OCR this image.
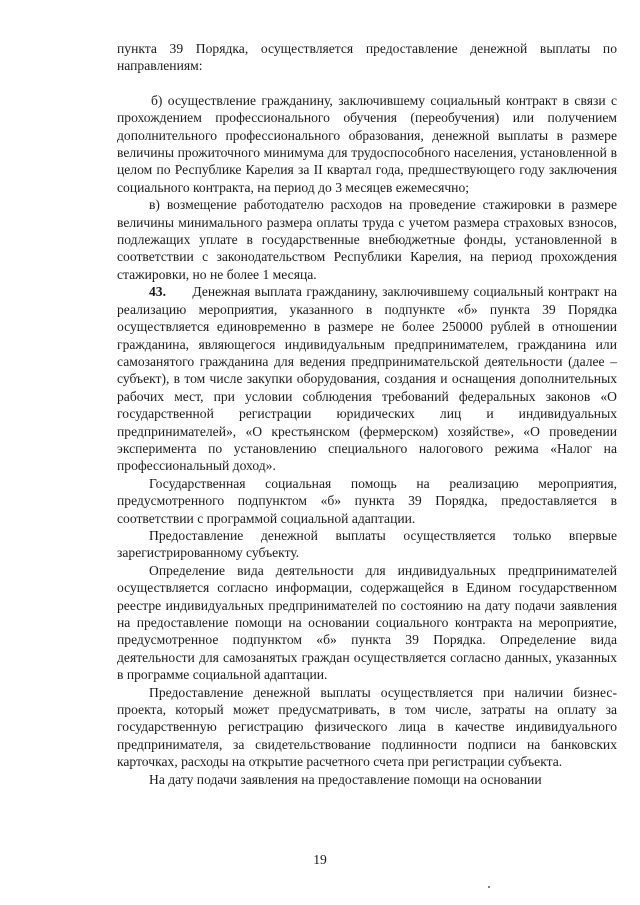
пункта 39 Порядка, осуществляется предоставление денежной выплаты по направлениям:

б) осуществление гражданину, заключившему социальный контракт в связи с прохождением профессионального обучения (переобучения) или получением дополнительного профессионального образования, денежной выплаты в размере величины прожиточного минимума для трудоспособного населения, установленной в целом по Республике Карелия за II квартал года, предшествующего году заключения социального контракта, на период до 3 месяцев ежемесячно;

в) возмещение работодателю расходов на проведение стажировки в размере величины минимального размера оплаты труда с учетом размера страховых взносов, подлежащих уплате в государственные внебюджетные фонды, установленной в соответствии с законодательством Республики Карелия, на период прохождения стажировки, но не более 1 месяца.

43. Денежная выплата гражданину, заключившему социальный контракт на реализацию мероприятия, указанного в подпункте «б» пункта 39 Порядка осуществляется единовременно в размере не более 250000 рублей в отношении гражданина, являющегося индивидуальным предпринимателем, гражданина или самозанятого гражданина для ведения предпринимательской деятельности (далее – субъект), в том числе закупки оборудования, создания и оснащения дополнительных рабочих мест, при условии соблюдения требований федеральных законов «О государственной регистрации юридических лиц и индивидуальных предпринимателей», «О крестьянском (фермерском) хозяйстве», «О проведении эксперимента по установлению специального налогового режима «Налог на профессиональный доход».

Государственная социальная помощь на реализацию мероприятия, предусмотренного подпунктом «б» пункта 39 Порядка, предоставляется в соответствии с программой социальной адаптации.

Предоставление денежной выплаты осуществляется только впервые зарегистрированному субъекту.

Определение вида деятельности для индивидуальных предпринимателей осуществляется согласно информации, содержащейся в Едином государственном реестре индивидуальных предпринимателей по состоянию на дату подачи заявления на предоставление помощи на основании социального контракта на мероприятие, предусмотренное подпунктом «б» пункта 39 Порядка. Определение вида деятельности для самозанятых граждан осуществляется согласно данных, указанных в программе социальной адаптации.

Предоставление денежной выплаты осуществляется при наличии бизнес-проекта, который может предусматривать, в том числе, затраты на оплату за государственную регистрацию физического лица в качестве индивидуального предпринимателя, за свидетельствование подлинности подписи на банковских карточках, расходы на открытие расчетного счета при регистрации субъекта.

На дату подачи заявления на предоставление помощи на основании

19
